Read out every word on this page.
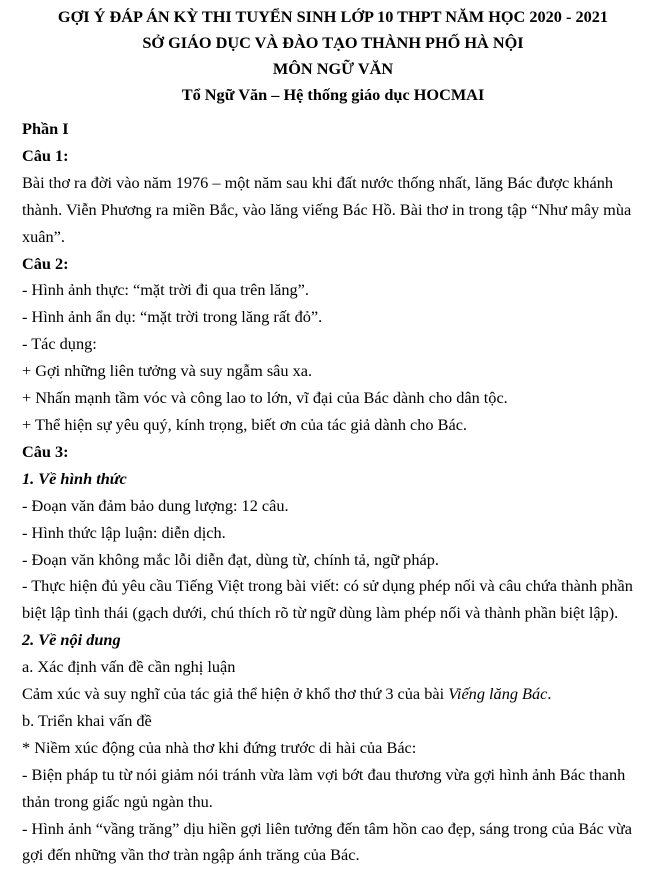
GỢI Ý ĐÁP ÁN KỲ THI TUYỂN SINH LỚP 10 THPT NĂM HỌC 2020 - 2021
SỞ GIÁO DỤC VÀ ĐÀO TẠO THÀNH PHỐ HÀ NỘI
MÔN NGỮ VĂN
Tổ Ngữ Văn – Hệ thống giáo dục HOCMAI
Phần I
Câu 1:
Bài thơ ra đời vào năm 1976 – một năm sau khi đất nước thống nhất, lăng Bác được khánh thành. Viễn Phương ra miền Bắc, vào lăng viếng Bác Hồ. Bài thơ in trong tập “Như mây mùa xuân”.
Câu 2:
- Hình ảnh thực: “mặt trời đi qua trên lăng”.
- Hình ảnh ẩn dụ: “mặt trời trong lăng rất đỏ”.
- Tác dụng:
+ Gợi những liên tưởng và suy ngẫm sâu xa.
+ Nhấn mạnh tầm vóc và công lao to lớn, vĩ đại của Bác dành cho dân tộc.
+ Thể hiện sự yêu quý, kính trọng, biết ơn của tác giả dành cho Bác.
Câu 3:
1. Về hình thức
- Đoạn văn đảm bảo dung lượng: 12 câu.
- Hình thức lập luận: diễn dịch.
- Đoạn văn không mắc lỗi diễn đạt, dùng từ, chính tả, ngữ pháp.
- Thực hiện đủ yêu cầu Tiếng Việt trong bài viết: có sử dụng phép nối và câu chứa thành phần biệt lập tình thái (gạch dưới, chú thích rõ từ ngữ dùng làm phép nối và thành phần biệt lập).
2. Về nội dung
a. Xác định vấn đề cần nghị luận
Cảm xúc và suy nghĩ của tác giả thể hiện ở khổ thơ thứ 3 của bài Viếng lăng Bác.
b. Triển khai vấn đề
* Niềm xúc động của nhà thơ khi đứng trước di hài của Bác:
- Biện pháp tu từ nói giảm nói tránh vừa làm vợi bớt đau thương vừa gợi hình ảnh Bác thanh thản trong giấc ngủ ngàn thu.
- Hình ảnh “vầng trăng” dịu hiền gợi liên tưởng đến tâm hồn cao đẹp, sáng trong của Bác vừa gợi đến những vần thơ tràn ngập ánh trăng của Bác.
